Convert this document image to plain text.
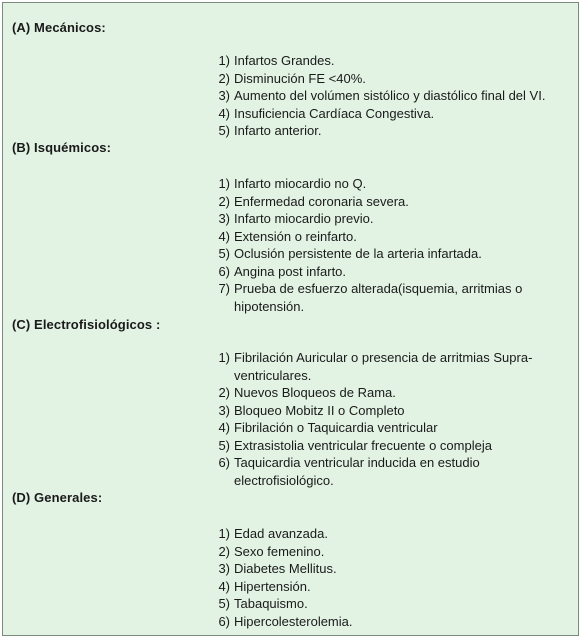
(A) Mecánicos:
1) Infartos Grandes.
2) Disminución FE <40%.
3) Aumento del volúmen sistólico y diastólico final del VI.
4) Insuficiencia Cardíaca Congestiva.
5) Infarto anterior.
(B) Isquémicos:
1) Infarto miocardio no Q.
2) Enfermedad coronaria severa.
3) Infarto miocardio previo.
4) Extensión o reinfarto.
5) Oclusión persistente de la arteria infartada.
6) Angina post infarto.
7) Prueba de esfuerzo alterada(isquemia, arritmias o hipotensión.
(C) Electrofisiológicos :
1) Fibrilación Auricular o presencia de arritmias Supra-ventriculares.
2) Nuevos Bloqueos de Rama.
3) Bloqueo Mobitz II o Completo
4) Fibrilación o Taquicardia ventricular
5) Extrasistolia ventricular frecuente o compleja
6) Taquicardia ventricular inducida en estudio electrofisiológico.
(D) Generales:
1) Edad avanzada.
2) Sexo femenino.
3) Diabetes Mellitus.
4) Hipertensión.
5) Tabaquismo.
6) Hipercolesterolemia.
